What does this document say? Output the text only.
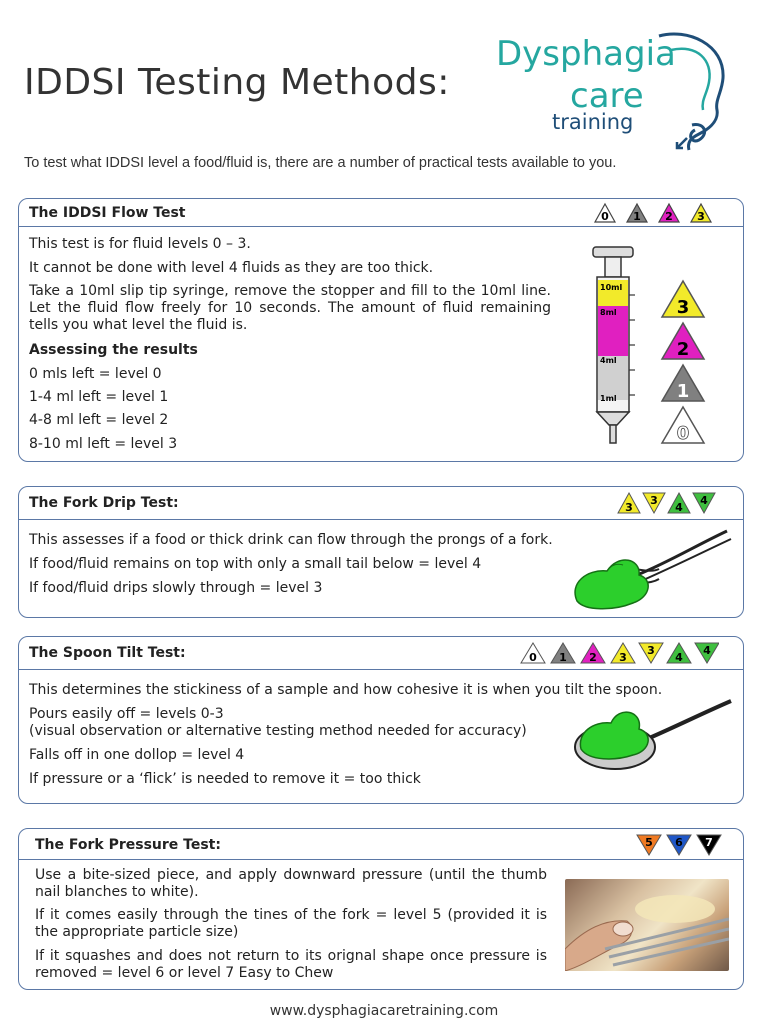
IDDSI Testing Methods:
Dysphagia
care
training
To test what IDDSI level a food/fluid is, there are a number of practical tests available to you.
The IDDSI Flow Test	0 1 2 3
This test is for fluid levels 0 – 3.
It cannot be done with level 4 fluids as they are too thick.
Take a 10ml slip tip syringe, remove the stopper and fill to the 10ml line. Let the fluid flow freely for 10 seconds. The amount of fluid remaining tells you what level the fluid is.
Assessing the results
0 mls left = level 0
1-4 ml left = level 1
4-8 ml left = level 2
8-10 ml left = level 3
10ml
8ml
4ml
1ml
3
2
1
0
The Fork Drip Test:	3
3
4
4
This assesses if a food or thick drink can flow through the prongs of a fork.
If food/fluid remains on top with only a small tail below = level 4
If food/fluid drips slowly through = level 3
The Spoon Tilt Test:	0 1 2 3
3
4
4
This determines the stickiness of a sample and how cohesive it is when you tilt the spoon.
Pours easily off = levels 0-3
(visual observation or alternative testing method needed for accuracy)
Falls off in one dollop = level 4
If pressure or a ‘flick’ is needed to remove it = too thick
The Fork Pressure Test:	5 6 7
Use a bite-sized piece, and apply downward pressure (until the thumb nail blanches to white).
If it comes easily through the tines of the fork = level 5 (provided it is the appropriate particle size)
If it squashes and does not return to its orignal shape once pressure is removed = level 6 or level 7 Easy to Chew
www.dysphagiacaretraining.com
